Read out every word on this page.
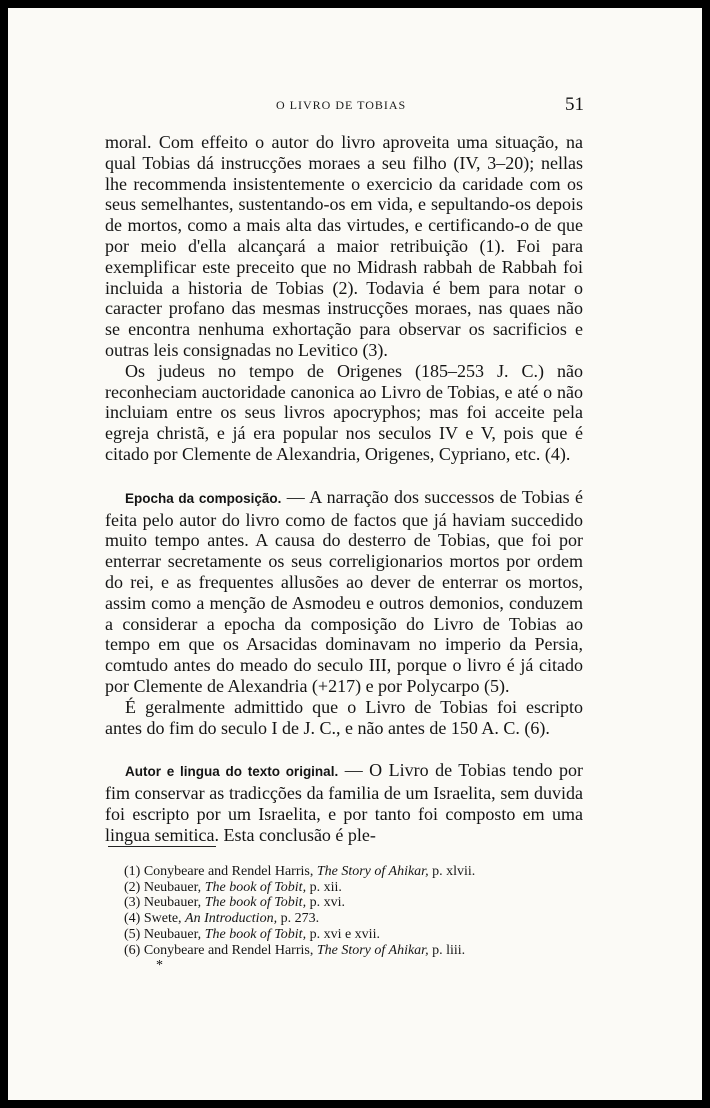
O LIVRO DE TOBIAS	51

moral. Com effeito o autor do livro aproveita uma situação, na qual Tobias dá instrucções moraes a seu filho (IV, 3–20); nellas lhe recommenda insistentemente o exercicio da caridade com os seus semelhantes, sustentando-os em vida, e sepultando-os depois de mortos, como a mais alta das virtudes, e certificando-o de que por meio d'ella alcançará a maior retribuição (1). Foi para exemplificar este preceito que no Midrash rabbah de Rabbah foi incluida a historia de Tobias (2). Todavia é bem para notar o caracter profano das mesmas instrucções moraes, nas quaes não se encontra nenhuma exhortação para observar os sacrificios e outras leis consignadas no Levitico (3).

Os judeus no tempo de Origenes (185–253 J. C.) não reconheciam auctoridade canonica ao Livro de Tobias, e até o não incluiam entre os seus livros apocryphos; mas foi acceite pela egreja christã, e já era popular nos seculos IV e V, pois que é citado por Clemente de Alexandria, Origenes, Cypriano, etc. (4).

Epocha da composição. — A narração dos successos de Tobias é feita pelo autor do livro como de factos que já haviam succedido muito tempo antes. A causa do desterro de Tobias, que foi por enterrar secretamente os seus correligionarios mortos por ordem do rei, e as frequentes allusões ao dever de enterrar os mortos, assim como a menção de Asmodeu e outros demonios, conduzem a considerar a epocha da composição do Livro de Tobias ao tempo em que os Arsacidas dominavam no imperio da Persia, comtudo antes do meado do seculo III, porque o livro é já citado por Clemente de Alexandria (+217) e por Polycarpo (5).

É geralmente admittido que o Livro de Tobias foi escripto antes do fim do seculo I de J. C., e não antes de 150 A. C. (6).

Autor e lingua do texto original. — O Livro de Tobias tendo por fim conservar as tradicções da familia de um Israelita, sem duvida foi escripto por um Israelita, e por tanto foi composto em uma lingua semitica. Esta conclusão é ple-

(1) Conybeare and Rendel Harris, The Story of Ahikar, p. xlvii.
(2) Neubauer, The book of Tobit, p. xii.
(3) Neubauer, The book of Tobit, p. xvi.
(4) Swete, An Introduction, p. 273.
(5) Neubauer, The book of Tobit, p. xvi e xvii.
(6) Conybeare and Rendel Harris, The Story of Ahikar, p. liii.
*
